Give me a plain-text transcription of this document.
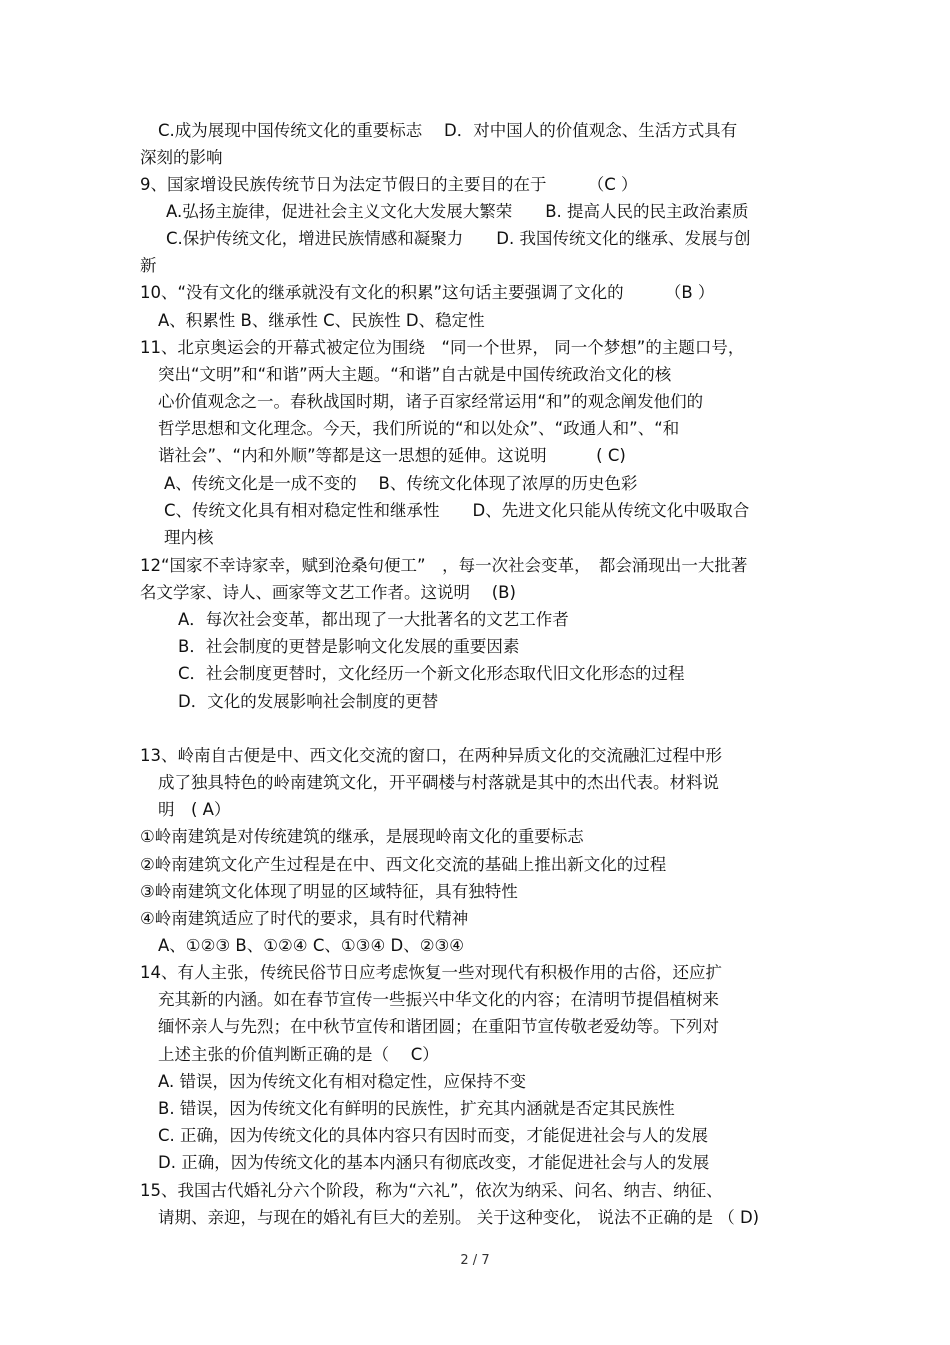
C.成为展现中国传统文化的重要标志　 D．对中国人的价值观念、生活方式具有
深刻的影响
9、国家增设民族传统节日为法定节假日的主要目的在于　　　（C ）
A.弘扬主旋律，促进社会主义文化大发展大繁荣　　B. 提高人民的民主政治素质
C.保护传统文化，增进民族情感和凝聚力　　D. 我国传统文化的继承、发展与创
新
10、“没有文化的继承就没有文化的积累”这句话主要强调了文化的　　　（B ）
A、积累性 B、继承性 C、民族性 D、稳定性
11、北京奥运会的开幕式被定位为围绕　“同一个世界， 同一个梦想”的主题口号，
突出“文明”和“和谐”两大主题。“和谐”自古就是中国传统政治文化的核
心价值观念之一。春秋战国时期，诸子百家经常运用“和”的观念阐发他们的
哲学思想和文化理念。今天，我们所说的“和以处众”、“政通人和”、“和
谐社会”、“内和外顺”等都是这一思想的延伸。这说明　　　( C)
A、传统文化是一成不变的　 B、传统文化体现了浓厚的历史色彩
C、传统文化具有相对稳定性和继承性　　D、先进文化只能从传统文化中吸取合
理内核
12“国家不幸诗家幸，赋到沧桑句便工”　，每一次社会变革，　都会涌现出一大批著
名文学家、诗人、画家等文艺工作者。这说明　 (B)
A．每次社会变革，都出现了一大批著名的文艺工作者
B．社会制度的更替是影响文化发展的重要因素
C．社会制度更替时，文化经历一个新文化形态取代旧文化形态的过程
D．文化的发展影响社会制度的更替
13、岭南自古便是中、西文化交流的窗口，在两种异质文化的交流融汇过程中形
成了独具特色的岭南建筑文化，开平碉楼与村落就是其中的杰出代表。材料说
明　( A）
①岭南建筑是对传统建筑的继承，是展现岭南文化的重要标志
②岭南建筑文化产生过程是在中、西文化交流的基础上推出新文化的过程
③岭南建筑文化体现了明显的区域特征，具有独特性
④岭南建筑适应了时代的要求，具有时代精神
A、①②③ B、①②④ C、①③④ D、②③④
14、有人主张，传统民俗节日应考虑恢复一些对现代有积极作用的古俗，还应扩
充其新的内涵。如在春节宣传一些振兴中华文化的内容；在清明节提倡植树来
缅怀亲人与先烈；在中秋节宣传和谐团圆；在重阳节宣传敬老爱幼等。下列对
上述主张的价值判断正确的是（　 C）
A. 错误，因为传统文化有相对稳定性，应保持不变
B. 错误，因为传统文化有鲜明的民族性，扩充其内涵就是否定其民族性
C. 正确，因为传统文化的具体内容只有因时而变，才能促进社会与人的发展
D. 正确，因为传统文化的基本内涵只有彻底改变，才能促进社会与人的发展
15、我国古代婚礼分六个阶段，称为“六礼”，依次为纳采、问名、纳吉、纳征、
请期、亲迎，与现在的婚礼有巨大的差别。 关于这种变化， 说法不正确的是 （ D)
2 / 7
